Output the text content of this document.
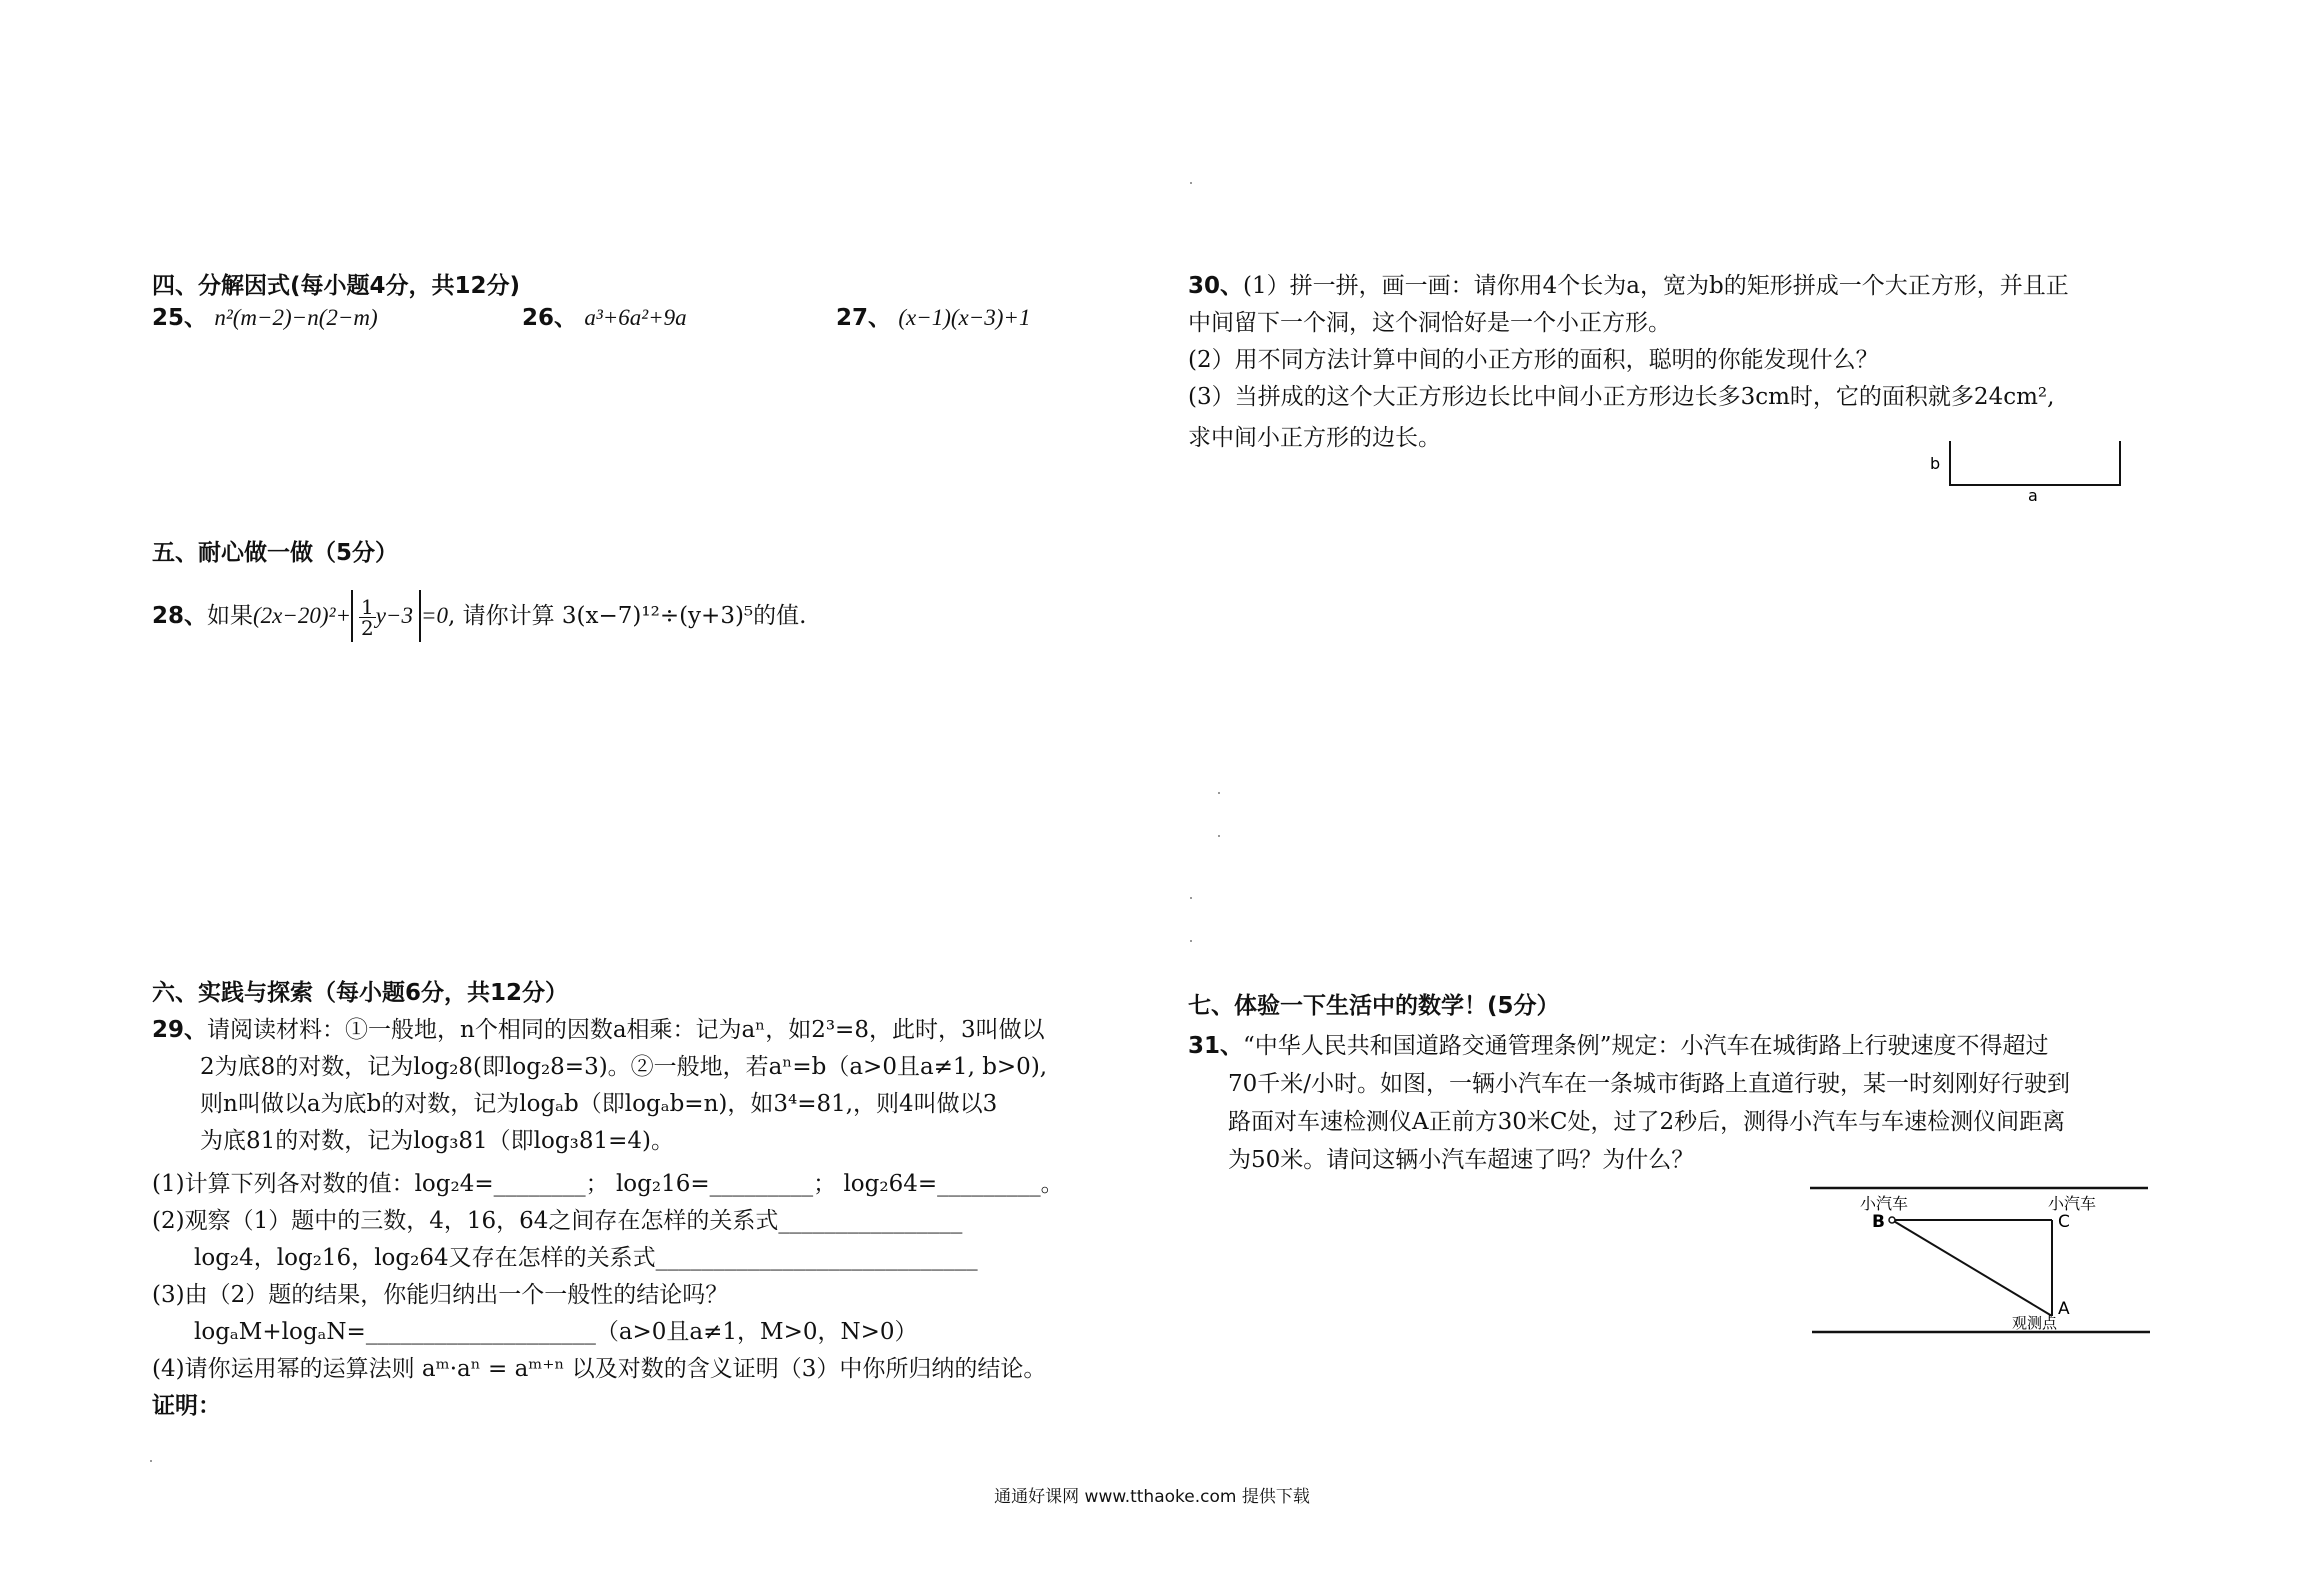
四、分解因式(每小题4分，共12分)
25、 n²(m−2)−n(2−m)	26、 a³+6a²+9a	27、 (x−1)(x−3)+1
五、耐心做一做（5分）
28、如果$(2x-20)^2+ \frac{1}{2} y-3 =0$, 请你计算 3(x−7)¹²÷(y+3)⁵的值.
六、实践与探索（每小题6分，共12分）
29、请阅读材料：①一般地，n个相同的因数a相乘：记为aⁿ，如2³=8，此时，3叫做以
2为底8的对数，记为log₂8(即log₂8=3)。②一般地，若aⁿ=b（a>0且a≠1, b>0),
则n叫做以a为底b的对数，记为logₐb（即logₐb=n)，如3⁴=81,，则4叫做以3
为底81的对数，记为log₃81（即log₃81=4)。
(1)计算下列各对数的值：log₂4=________； log₂16=_________； log₂64=_________。
(2)观察（1）题中的三数，4，16，64之间存在怎样的关系式________________
log₂4，log₂16，log₂64又存在怎样的关系式____________________________
(3)由（2）题的结果，你能归纳出一个一般性的结论吗？
logₐM+logₐN=____________________（a>0且a≠1，M>0，N>0）
(4)请你运用幂的运算法则 aᵐ·aⁿ = aᵐ⁺ⁿ 以及对数的含义证明（3）中你所归纳的结论。
证明：
30、(1）拼一拼，画一画：请你用4个长为a，宽为b的矩形拼成一个大正方形，并且正
中间留下一个洞，这个洞恰好是一个小正方形。
(2）用不同方法计算中间的小正方形的面积，聪明的你能发现什么？
(3）当拼成的这个大正方形边长比中间小正方形边长多3cm时，它的面积就多24cm²,
求中间小正方形的边长。
b
a
七、体验一下生活中的数学！(5分）
31、“中华人民共和国道路交通管理条例”规定：小汽车在城街路上行驶速度不得超过
70千米/小时。如图，一辆小汽车在一条城市街路上直道行驶，某一时刻刚好行驶到
路面对车速检测仪A正前方30米C处，过了2秒后，测得小汽车与车速检测仪间距离
为50米。请问这辆小汽车超速了吗？为什么？
小汽车	小汽车
B	C
A
观测点
通通好课网 www.tthaoke.com 提供下载
